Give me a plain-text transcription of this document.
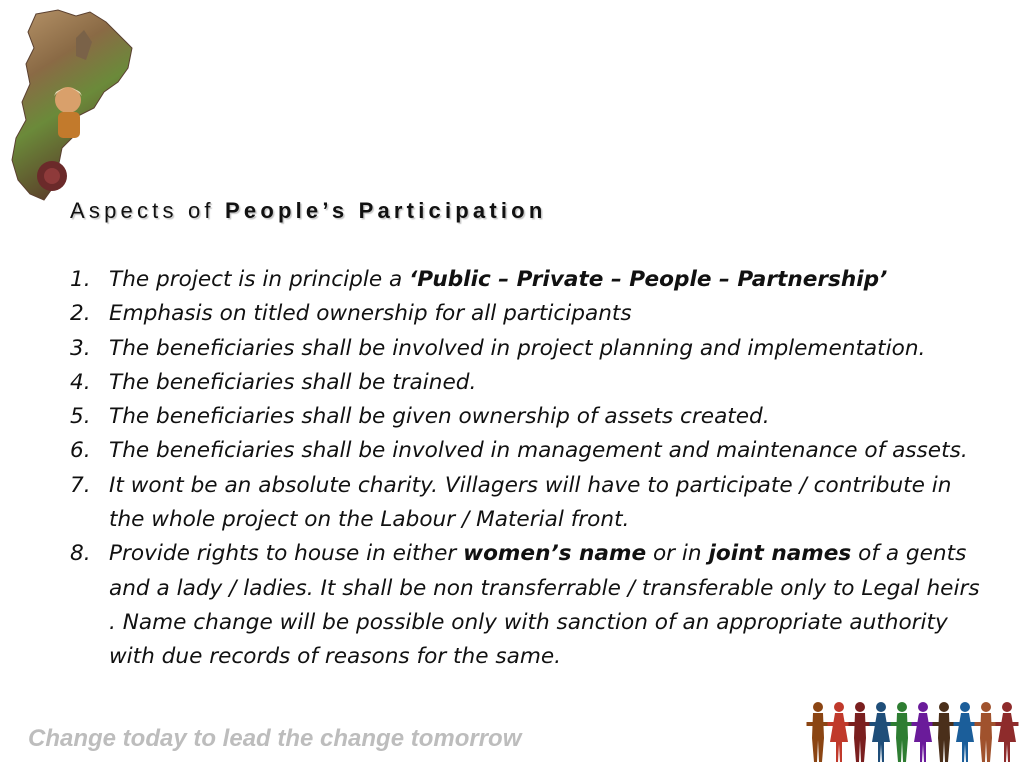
Aspects of People’s Participation
1. The project is in principle a ‘Public – Private – People – Partnership’
2. Emphasis on titled ownership for all participants
3. The beneficiaries shall be involved in project planning and implementation.
4. The beneficiaries shall be trained.
5. The beneficiaries shall be given ownership of assets created.
6. The beneficiaries shall be involved in management and maintenance of assets.
7. It wont be an absolute charity. Villagers will have to participate / contribute in the whole project on the Labour / Material front.
8. Provide rights to house in either women’s name or in joint names of a gents and a lady / ladies. It shall be non transferrable / transferable only to Legal heirs . Name change will be possible only with sanction of an appropriate authority with due records of reasons for the same.
Change today to lead the change tomorrow
